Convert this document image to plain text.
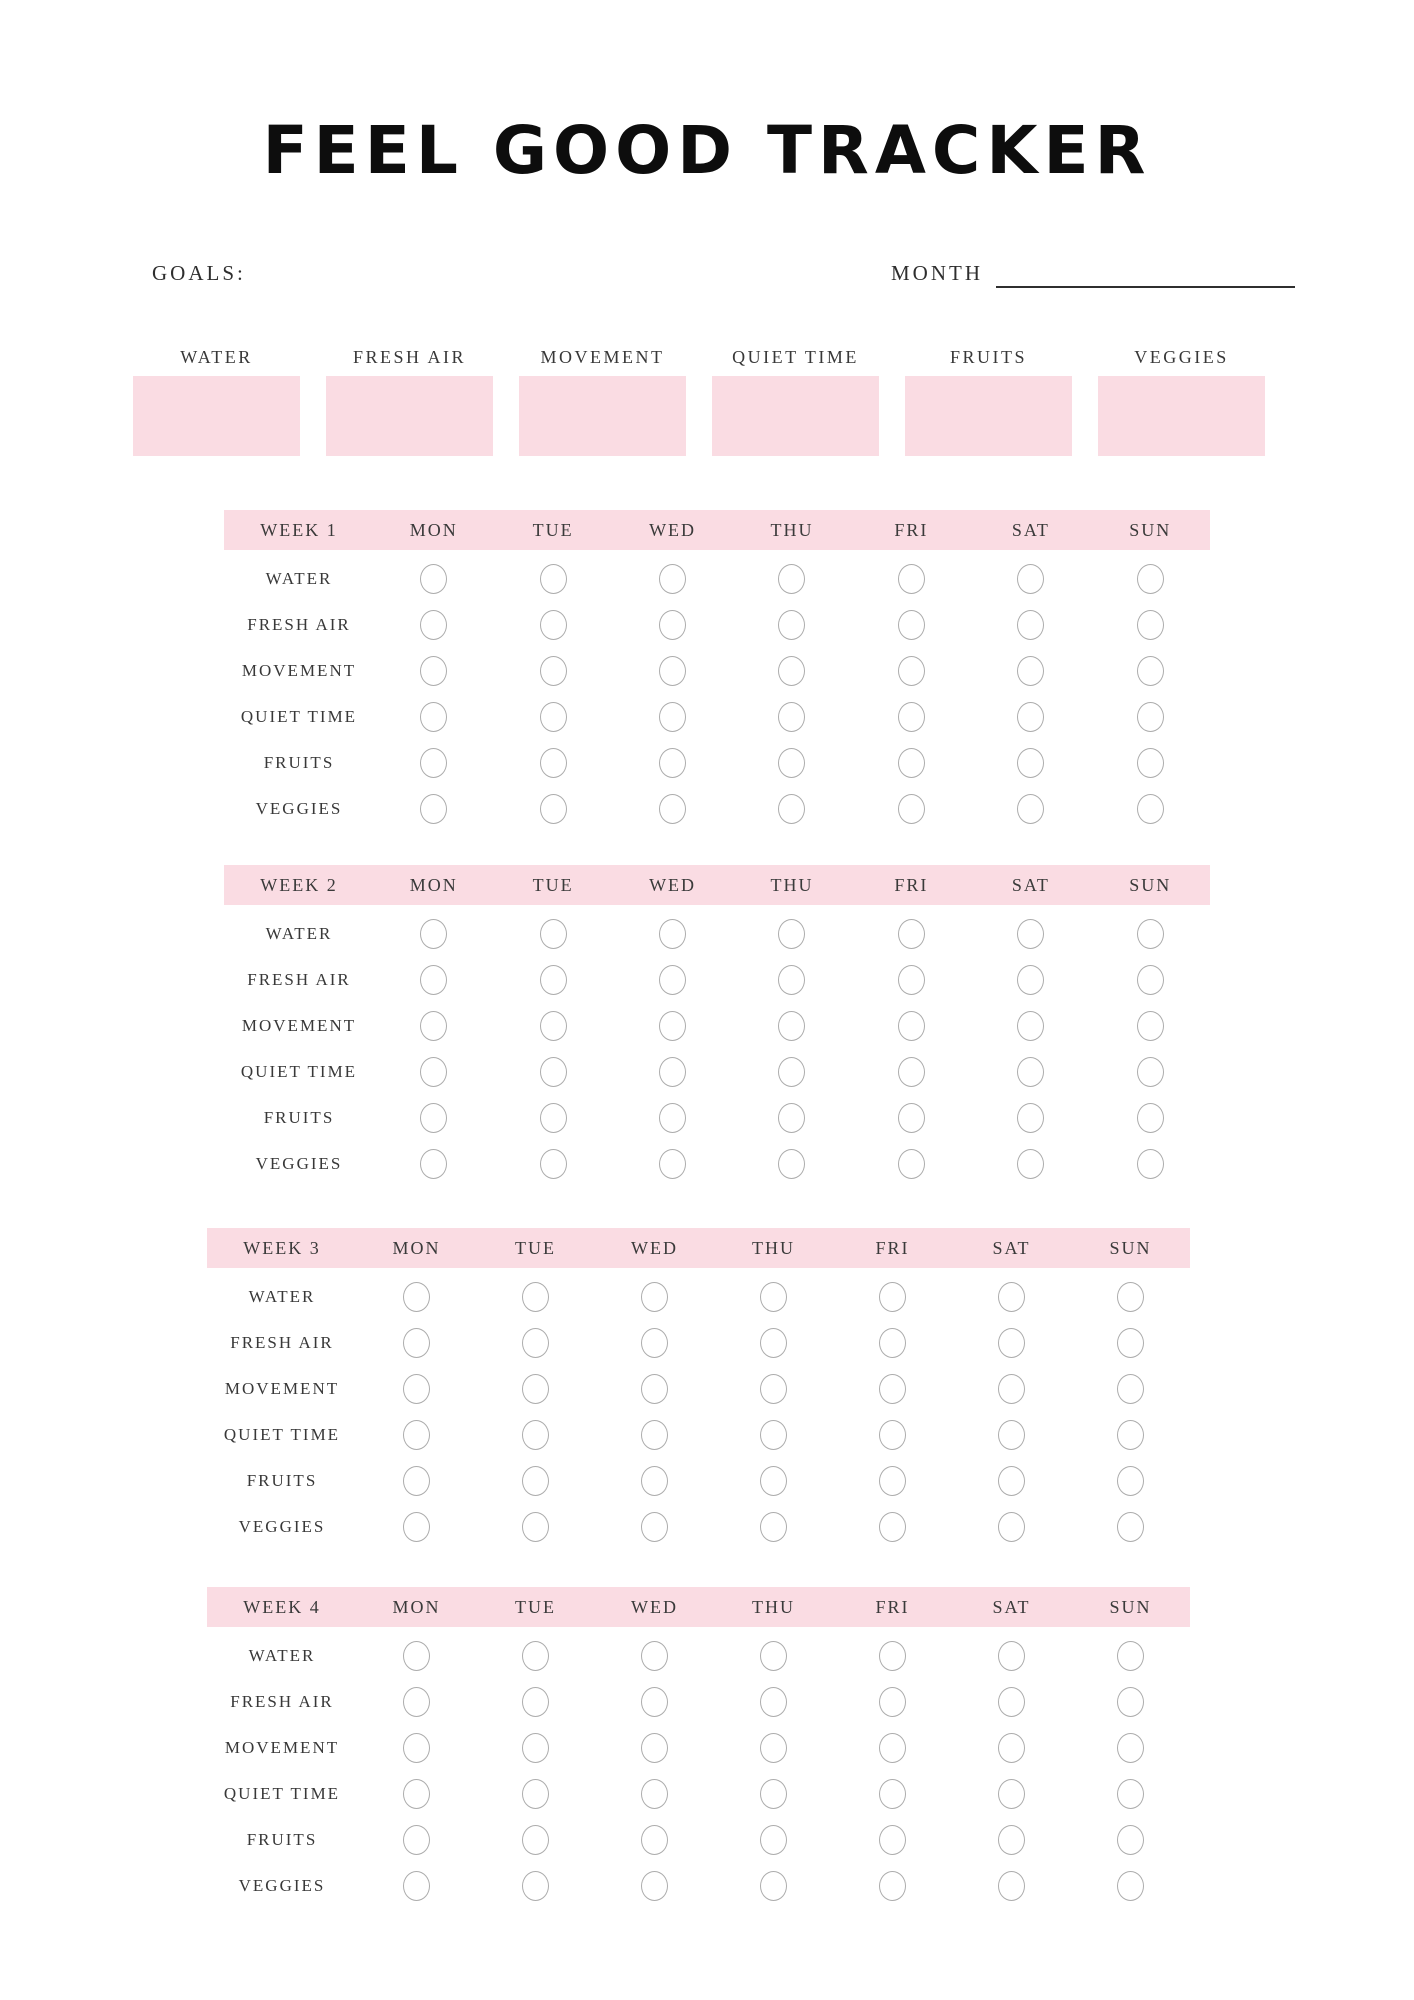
FEEL GOOD TRACKER
GOALS:	MONTH
WATER	FRESH AIR	MOVEMENT	QUIET TIME	FRUITS	VEGGIES
WEEK 1	MON	TUE	WED	THU	FRI	SAT	SUN
WATER
FRESH AIR
MOVEMENT
QUIET TIME
FRUITS
VEGGIES
WEEK 2	MON	TUE	WED	THU	FRI	SAT	SUN
WATER
FRESH AIR
MOVEMENT
QUIET TIME
FRUITS
VEGGIES
WEEK 3	MON	TUE	WED	THU	FRI	SAT	SUN
WATER
FRESH AIR
MOVEMENT
QUIET TIME
FRUITS
VEGGIES
WEEK 4	MON	TUE	WED	THU	FRI	SAT	SUN
WATER
FRESH AIR
MOVEMENT
QUIET TIME
FRUITS
VEGGIES
